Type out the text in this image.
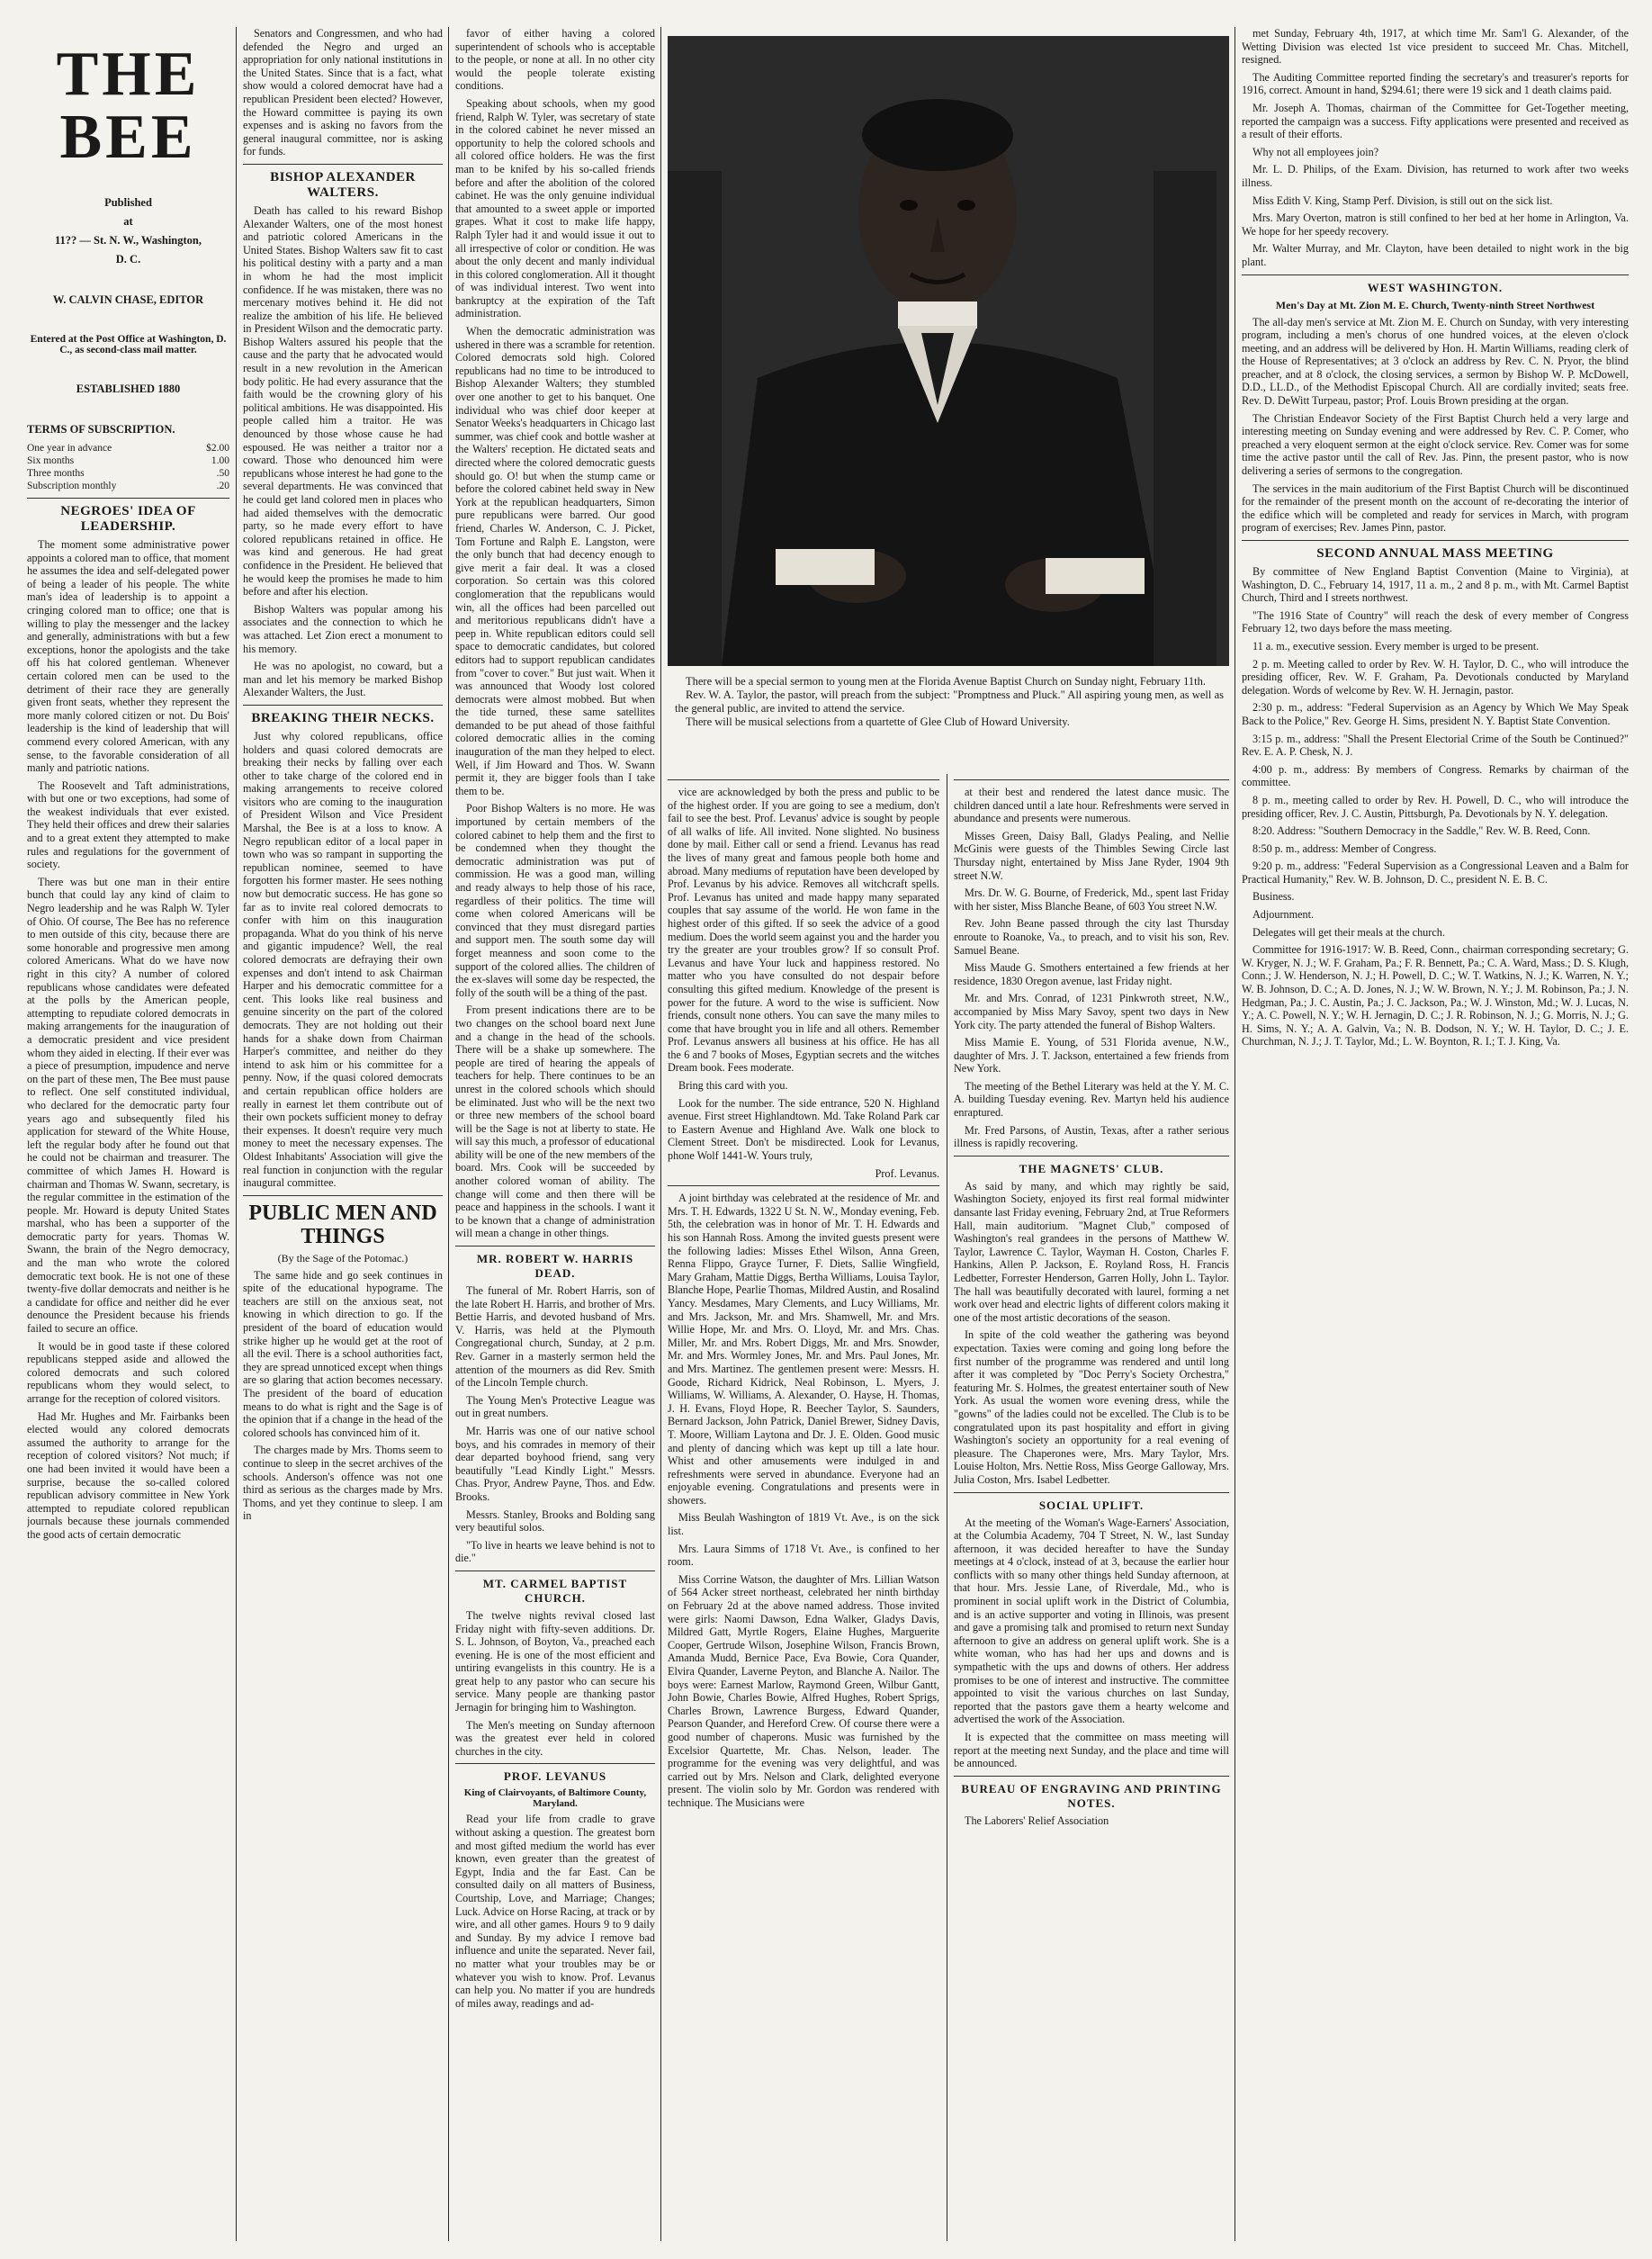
THE BEE
Published
at
11?? — St. N. W., Washington,
D. C.
W. CALVIN CHASE, EDITOR
Entered at the Post Office at Washington, D. C., as second-class mail matter.
ESTABLISHED 1880
TERMS OF SUBSCRIPTION.
One year in advance	$2.00
Six months	1.00
Three months	.50
Subscription monthly	.20
NEGROES' IDEA OF LEADERSHIP.

The moment some administrative power appoints a colored man to office, that moment he assumes the idea and self-delegated power of being a leader of his people. The white man's idea of leadership is to appoint a cringing colored man to office; one that is willing to play the messenger and the lackey and generally, administrations with but a few exceptions, honor the apologists and the take off his hat colored gentleman. Whenever certain colored men can be used to the detriment of their race they are generally given front seats, whether they represent the more manly colored citizen or not. Du Bois' leadership is the kind of leadership that will commend every colored American, with any sense, to the favorable consideration of all manly and patriotic nations.

The Roosevelt and Taft administrations, with but one or two exceptions, had some of the weakest individuals that ever existed. They held their offices and drew their salaries and to a great extent they attempted to make rules and regulations for the government of society.

There was but one man in their entire bunch that could lay any kind of claim to Negro leadership and he was Ralph W. Tyler of Ohio. Of course, The Bee has no reference to men outside of this city, because there are some honorable and progressive men among colored Americans. What do we have now right in this city? A number of colored republicans whose candidates were defeated at the polls by the American people, attempting to repudiate colored democrats in making arrangements for the inauguration of a democratic president and vice president whom they aided in electing. If their ever was a piece of presumption, impudence and nerve on the part of these men, The Bee must pause to reflect. One self constituted individual, who declared for the democratic party four years ago and subsequently filed his application for steward of the White House, left the regular body after he found out that he could not be chairman and treasurer. The committee of which James H. Howard is chairman and Thomas W. Swann, secretary, is the regular committee in the estimation of the people. Mr. Howard is deputy United States marshal, who has been a supporter of the democratic party for years. Thomas W. Swann, the brain of the Negro democracy, and the man who wrote the colored democratic text book. He is not one of these twenty-five dollar democrats and neither is he a candidate for office and neither did he ever denounce the President because his friends failed to secure an office.

It would be in good taste if these colored republicans stepped aside and allowed the colored democrats and such colored republicans whom they would select, to arrange for the reception of colored visitors.

Had Mr. Hughes and Mr. Fairbanks been elected would any colored democrats assumed the authority to arrange for the reception of colored visitors? Not much; if one had been invited it would have been a surprise, because the so-called colored republican advisory committee in New York attempted to repudiate colored republican journals because these journals commended the good acts of certain democratic

Senators and Congressmen, and who had defended the Negro and urged an appropriation for only national institutions in the United States. Since that is a fact, what show would a colored democrat have had a republican President been elected? However, the Howard committee is paying its own expenses and is asking no favors from the general inaugural committee, nor is asking for funds.

BISHOP ALEXANDER WALTERS.

Death has called to his reward Bishop Alexander Walters, one of the most honest and patriotic colored Americans in the United States. Bishop Walters saw fit to cast his political destiny with a party and a man in whom he had the most implicit confidence. If he was mistaken, there was no mercenary motives behind it. He did not realize the ambition of his life. He believed in President Wilson and the democratic party. Bishop Walters assured his people that the cause and the party that he advocated would result in a new revolution in the American body politic. He had every assurance that the faith would be the crowning glory of his political ambitions. He was disappointed. His people called him a traitor. He was denounced by those whose cause he had espoused. He was neither a traitor nor a coward. Those who denounced him were republicans whose interest he had gone to the several departments. He was convinced that he could get land colored men in places who had aided themselves with the democratic party, so he made every effort to have colored republicans retained in office. He was kind and generous. He had great confidence in the President. He believed that he would keep the promises he made to him before and after his election.

Bishop Walters was popular among his associates and the connection to which he was attached. Let Zion erect a monument to his memory.

He was no apologist, no coward, but a man and let his memory be marked Bishop Alexander Walters, the Just.

BREAKING THEIR NECKS.

Just why colored republicans, office holders and quasi colored democrats are breaking their necks by falling over each other to take charge of the colored end in making arrangements to receive colored visitors who are coming to the inauguration of President Wilson and Vice President Marshal, the Bee is at a loss to know. A Negro republican editor of a local paper in town who was so rampant in supporting the republican nominee, seemed to have forgotten his former master. He sees nothing now but democratic success. He has gone so far as to invite real colored democrats to confer with him on this inauguration propaganda. What do you think of his nerve and gigantic impudence? Well, the real colored democrats are defraying their own expenses and don't intend to ask Chairman Harper and his democratic committee for a cent. This looks like real business and genuine sincerity on the part of the colored democrats. They are not holding out their hands for a shake down from Chairman Harper's committee, and neither do they intend to ask him or his committee for a penny. Now, if the quasi colored democrats and certain republican office holders are really in earnest let them contribute out of their own pockets sufficient money to defray their expenses. It doesn't require very much money to meet the necessary expenses. The Oldest Inhabitants' Association will give the real function in conjunction with the regular inaugural committee.

PUBLIC MEN AND THINGS
(By the Sage of the Potomac.)

The same hide and go seek continues in spite of the educational hypograme. The teachers are still on the anxious seat, not knowing in which direction to go. If the president of the board of education would strike higher up he would get at the root of all the evil. There is a school authorities fact, they are spread unnoticed except when things are so glaring that action becomes necessary. The president of the board of education means to do what is right and the Sage is of the opinion that if a change in the head of the colored schools has convinced him of it.

The charges made by Mrs. Thoms seem to continue to sleep in the secret archives of the schools. Anderson's offence was not one third as serious as the charges made by Mrs. Thoms, and yet they continue to sleep. I am in

favor of either having a colored superintendent of schools who is acceptable to the people, or none at all. In no other city would the people tolerate existing conditions.

Speaking about schools, when my good friend, Ralph W. Tyler, was secretary of state in the colored cabinet he never missed an opportunity to help the colored schools and all colored office holders. He was the first man to be knifed by his so-called friends before and after the abolition of the colored cabinet. He was the only genuine individual that amounted to a sweet apple or imported grapes. What it cost to make life happy, Ralph Tyler had it and would issue it out to all irrespective of color or condition. He was about the only decent and manly individual in this colored conglomeration. All it thought of was individual interest. Two went into bankruptcy at the expiration of the Taft administration.

When the democratic administration was ushered in there was a scramble for retention. Colored democrats sold high. Colored republicans had no time to be introduced to Bishop Alexander Walters; they stumbled over one another to get to his banquet. One individual who was chief door keeper at Senator Weeks's headquarters in Chicago last summer, was chief cook and bottle washer at the Walters' reception. He dictated seats and directed where the colored democratic guests should go. O! but when the stump came or before the colored cabinet held sway in New York at the republican headquarters, Simon pure republicans were barred. Our good friend, Charles W. Anderson, C. J. Picket, Tom Fortune and Ralph E. Langston, were the only bunch that had decency enough to give merit a fair deal. It was a closed corporation. So certain was this colored conglomeration that the republicans would win, all the offices had been parcelled out and meritorious republicans didn't have a peep in. White republican editors could sell space to democratic candidates, but colored editors had to support republican candidates from "cover to cover." But just wait. When it was announced that Woody lost colored democrats were almost mobbed. But when the tide turned, these same satellites demanded to be put ahead of those faithful colored democratic allies in the coming inauguration of the man they helped to elect. Well, if Jim Howard and Thos. W. Swann permit it, they are bigger fools than I take them to be.

Poor Bishop Walters is no more. He was importuned by certain members of the colored cabinet to help them and the first to be condemned when they thought the democratic administration was put of commission. He was a good man, willing and ready always to help those of his race, regardless of their politics. The time will come when colored Americans will be convinced that they must disregard parties and support men. The south some day will forget meanness and soon come to the support of the colored allies. The children of the ex-slaves will some day be respected, the folly of the south will be a thing of the past.

From present indications there are to be two changes on the school board next June and a change in the head of the schools. There will be a shake up somewhere. The people are tired of hearing the appeals of teachers for help. There continues to be an unrest in the colored schools which should be eliminated. Just who will be the next two or three new members of the school board will be the Sage is not at liberty to state. He will say this much, a professor of educational ability will be one of the new members of the board. Mrs. Cook will be succeeded by another colored woman of ability. The change will come and then there will be peace and happiness in the schools. I want it to be known that a change of administration will mean a change in other things.

MR. ROBERT W. HARRIS DEAD.

The funeral of Mr. Robert Harris, son of the late Robert H. Harris, and brother of Mrs. Bettie Harris, and devoted husband of Mrs. V. Harris, was held at the Plymouth Congregational church, Sunday, at 2 p.m. Rev. Garner in a masterly sermon held the attention of the mourners as did Rev. Smith of the Lincoln Temple church.

The Young Men's Protective League was out in great numbers.

Mr. Harris was one of our native school boys, and his comrades in memory of their dear departed boyhood friend, sang very beautifully "Lead Kindly Light." Messrs. Chas. Pryor, Andrew Payne, Thos. and Edw. Brooks.

Messrs. Stanley, Brooks and Bolding sang very beautiful solos.

"To live in hearts we leave behind is not to die."

MT. CARMEL BAPTIST CHURCH.

The twelve nights revival closed last Friday night with fifty-seven additions. Dr. S. L. Johnson, of Boyton, Va., preached each evening. He is one of the most efficient and untiring evangelists in this country. He is a great help to any pastor who can secure his service. Many people are thanking pastor Jernagin for bringing him to Washington.

The Men's meeting on Sunday afternoon was the greatest ever held in colored churches in the city.

PROF. LEVANUS
King of Clairvoyants, of Baltimore County, Maryland.

Read your life from cradle to grave without asking a question. The greatest born and most gifted medium the world has ever known, even greater than the greatest of Egypt, India and the far East. Can be consulted daily on all matters of Business, Courtship, Love, and Marriage; Changes; Luck. Advice on Horse Racing, at track or by wire, and all other games. Hours 9 to 9 daily and Sunday. By my advice I remove bad influence and unite the separated. Never fail, no matter what your troubles may be or whatever you wish to know. Prof. Levanus can help you. No matter if you are hundreds of miles away, readings and ad-

There will be a special sermon to young men at the Florida Avenue Baptist Church on Sunday night, February 11th.

Rev. W. A. Taylor, the pastor, will preach from the subject: "Promptness and Pluck." All aspiring young men, as well as the general public, are invited to attend the service.

There will be musical selections from a quartette of Glee Club of Howard University.

vice are acknowledged by both the press and public to be of the highest order. If you are going to see a medium, don't fail to see the best. Prof. Levanus' advice is sought by people of all walks of life. All invited. None slighted. No business done by mail. Either call or send a friend. Levanus has read the lives of many great and famous people both home and abroad. Many mediums of reputation have been developed by Prof. Levanus by his advice. Removes all witchcraft spells. Prof. Levanus has united and made happy many separated couples that say assume of the world. He won fame in the highest order of this gifted. If so seek the advice of a good medium. Does the world seem against you and the harder you try the greater are your troubles grow? If so consult Prof. Levanus and have Your luck and happiness restored. No matter who you have consulted do not despair before consulting this gifted medium. Knowledge of the present is power for the future. A word to the wise is sufficient. Now friends, consult none others. You can save the many miles to come that have brought you in life and all others. Remember Prof. Levanus answers all business at his office. He has all the 6 and 7 books of Moses, Egyptian secrets and the witches Dream book. Fees moderate.

Bring this card with you.

Look for the number. The side entrance, 520 N. Highland avenue. First street Highlandtown. Md. Take Roland Park car to Eastern Avenue and Highland Ave. Walk one block to Clement Street. Don't be misdirected. Look for Levanus, phone Wolf 1441-W. Yours truly,

Prof. Levanus.

A joint birthday was celebrated at the residence of Mr. and Mrs. T. H. Edwards, 1322 U St. N. W., Monday evening, Feb. 5th, the celebration was in honor of Mr. T. H. Edwards and his son Hannah Ross. Among the invited guests present were the following ladies: Misses Ethel Wilson, Anna Green, Renna Flippo, Grayce Turner, F. Diets, Sallie Wingfield, Mary Graham, Mattie Diggs, Bertha Williams, Louisa Taylor, Blanche Hope, Pearlie Thomas, Mildred Austin, and Rosalind Yancy. Mesdames, Mary Clements, and Lucy Williams, Mr. and Mrs. Jackson, Mr. and Mrs. Shamwell, Mr. and Mrs. Willie Hope, Mr. and Mrs. O. Lloyd, Mr. and Mrs. Chas. Miller, Mr. and Mrs. Robert Diggs, Mr. and Mrs. Snowder, Mr. and Mrs. Wormley Jones, Mr. and Mrs. Paul Jones, Mr. and Mrs. Martinez. The gentlemen present were: Messrs. H. Goode, Richard Kidrick, Neal Robinson, L. Myers, J. Williams, W. Williams, A. Alexander, O. Hayse, H. Thomas, J. H. Evans, Floyd Hope, R. Beecher Taylor, S. Saunders, Bernard Jackson, John Patrick, Daniel Brewer, Sidney Davis, T. Moore, William Laytona and Dr. J. E. Olden. Good music and plenty of dancing which was kept up till a late hour. Whist and other amusements were indulged in and refreshments were served in abundance. Everyone had an enjoyable evening. Congratulations and presents were in showers.

Miss Beulah Washington of 1819 Vt. Ave., is on the sick list.

Mrs. Laura Simms of 1718 Vt. Ave., is confined to her room.

Miss Corrine Watson, the daughter of Mrs. Lillian Watson of 564 Acker street northeast, celebrated her ninth birthday on February 2d at the above named address. Those invited were girls: Naomi Dawson, Edna Walker, Gladys Davis, Mildred Gatt, Myrtle Rogers, Elaine Hughes, Marguerite Cooper, Gertrude Wilson, Josephine Wilson, Francis Brown, Amanda Mudd, Bernice Pace, Eva Bowie, Cora Quander, Elvira Quander, Laverne Peyton, and Blanche A. Nailor. The boys were: Earnest Marlow, Raymond Green, Wilbur Gantt, John Bowie, Charles Bowie, Alfred Hughes, Robert Sprigs, Charles Brown, Lawrence Burgess, Edward Quander, Pearson Quander, and Hereford Crew. Of course there were a good number of chaperons. Music was furnished by the Excelsior Quartette, Mr. Chas. Nelson, leader. The programme for the evening was very delightful, and was carried out by Mrs. Nelson and Clark, delighted everyone present. The violin solo by Mr. Gordon was rendered with technique. The Musicians were

at their best and rendered the latest dance music. The children danced until a late hour. Refreshments were served in abundance and presents were numerous.

Misses Green, Daisy Ball, Gladys Pealing, and Nellie McGinis were guests of the Thimbles Sewing Circle last Thursday night, entertained by Miss Jane Ryder, 1904 9th street N.W.

Mrs. Dr. W. G. Bourne, of Frederick, Md., spent last Friday with her sister, Miss Blanche Beane, of 603 You street N.W.

Rev. John Beane passed through the city last Thursday enroute to Roanoke, Va., to preach, and to visit his son, Rev. Samuel Beane.

Miss Maude G. Smothers entertained a few friends at her residence, 1830 Oregon avenue, last Friday night.

Mr. and Mrs. Conrad, of 1231 Pinkwroth street, N.W., accompanied by Miss Mary Savoy, spent two days in New York city. The party attended the funeral of Bishop Walters.

Miss Mamie E. Young, of 531 Florida avenue, N.W., daughter of Mrs. J. T. Jackson, entertained a few friends from New York.

The meeting of the Bethel Literary was held at the Y. M. C. A. building Tuesday evening. Rev. Martyn held his audience enraptured.

Mr. Fred Parsons, of Austin, Texas, after a rather serious illness is rapidly recovering.

THE MAGNETS' CLUB.

As said by many, and which may rightly be said, Washington Society, enjoyed its first real formal midwinter dansante last Friday evening, February 2nd, at True Reformers Hall, main auditorium. "Magnet Club," composed of Washington's real grandees in the persons of Matthew W. Taylor, Lawrence C. Taylor, Wayman H. Coston, Charles F. Hankins, Allen P. Jackson, E. Royland Ross, H. Francis Ledbetter, Forrester Henderson, Garren Holly, John L. Taylor. The hall was beautifully decorated with laurel, forming a net work over head and electric lights of different colors making it one of the most artistic decorations of the season.

In spite of the cold weather the gathering was beyond expectation. Taxies were coming and going long before the first number of the programme was rendered and until long after it was completed by "Doc Perry's Society Orchestra," featuring Mr. S. Holmes, the greatest entertainer south of New York. As usual the women wore evening dress, while the "gowns" of the ladies could not be excelled. The Club is to be congratulated upon its past hospitality and effort in giving Washington's society an opportunity for a real evening of pleasure. The Chaperones were, Mrs. Mary Taylor, Mrs. Louise Holton, Mrs. Nettie Ross, Miss George Galloway, Mrs. Julia Coston, Mrs. Isabel Ledbetter.

SOCIAL UPLIFT.

At the meeting of the Woman's Wage-Earners' Association, at the Columbia Academy, 704 T Street, N. W., last Sunday afternoon, it was decided hereafter to have the Sunday meetings at 4 o'clock, instead of at 3, because the earlier hour conflicts with so many other things held Sunday afternoon, at that hour. Mrs. Jessie Lane, of Riverdale, Md., who is prominent in social uplift work in the District of Columbia, and is an active supporter and voting in Illinois, was present and gave a promising talk and promised to return next Sunday afternoon to give an address on general uplift work. She is a white woman, who has had her ups and downs and is sympathetic with the ups and downs of others. Her address promises to be one of interest and instructive. The committee appointed to visit the various churches on last Sunday, reported that the pastors gave them a hearty welcome and advertised the work of the Association.

It is expected that the committee on mass meeting will report at the meeting next Sunday, and the place and time will be announced.

BUREAU OF ENGRAVING AND PRINTING NOTES.

The Laborers' Relief Association

met Sunday, February 4th, 1917, at which time Mr. Sam'l G. Alexander, of the Wetting Division was elected 1st vice president to succeed Mr. Chas. Mitchell, resigned.

The Auditing Committee reported finding the secretary's and treasurer's reports for 1916, correct. Amount in hand, $294.61; there were 19 sick and 1 death claims paid.

Mr. Joseph A. Thomas, chairman of the Committee for Get-Together meeting, reported the campaign was a success. Fifty applications were presented and received as a result of their efforts.

Why not all employees join?

Mr. L. D. Philips, of the Exam. Division, has returned to work after two weeks illness.

Miss Edith V. King, Stamp Perf. Division, is still out on the sick list.

Mrs. Mary Overton, matron is still confined to her bed at her home in Arlington, Va. We hope for her speedy recovery.

Mr. Walter Murray, and Mr. Clayton, have been detailed to night work in the big plant.

WEST WASHINGTON.
Men's Day at Mt. Zion M. E. Church, Twenty-ninth Street Northwest

The all-day men's service at Mt. Zion M. E. Church on Sunday, with very interesting program, including a men's chorus of one hundred voices, at the eleven o'clock meeting, and an address will be delivered by Hon. H. Martin Williams, reading clerk of the House of Representatives; at 3 o'clock an address by Rev. C. N. Pryor, the blind preacher, and at 8 o'clock, the closing services, a sermon by Bishop W. P. McDowell, D.D., LL.D., of the Methodist Episcopal Church. All are cordially invited; seats free. Rev. D. DeWitt Turpeau, pastor; Prof. Louis Brown presiding at the organ.

The Christian Endeavor Society of the First Baptist Church held a very large and interesting meeting on Sunday evening and were addressed by Rev. C. P. Comer, who preached a very eloquent sermon at the eight o'clock service. Rev. Comer was for some time the active pastor until the call of Rev. Jas. Pinn, the present pastor, who is now delivering a series of sermons to the congregation.

The services in the main auditorium of the First Baptist Church will be discontinued for the remainder of the present month on the account of re-decorating the interior of the edifice which will be completed and ready for services in March, with program program of exercises; Rev. James Pinn, pastor.

SECOND ANNUAL MASS MEETING

By committee of New England Baptist Convention (Maine to Virginia), at Washington, D. C., February 14, 1917, 11 a. m., 2 and 8 p. m., with Mt. Carmel Baptist Church, Third and I streets northwest.

"The 1916 State of Country" will reach the desk of every member of Congress February 12, two days before the mass meeting.

11 a. m., executive session. Every member is urged to be present.

2 p. m. Meeting called to order by Rev. W. H. Taylor, D. C., who will introduce the presiding officer, Rev. W. F. Graham, Pa. Devotionals conducted by Maryland delegation. Words of welcome by Rev. W. H. Jernagin, pastor.

2:30 p. m., address: "Federal Supervision as an Agency by Which We May Speak Back to the Police," Rev. George H. Sims, president N. Y. Baptist State Convention.

3:15 p. m., address: "Shall the Present Electorial Crime of the South be Continued?" Rev. E. A. P. Chesk, N. J.

4:00 p. m., address: By members of Congress. Remarks by chairman of the committee.

8 p. m., meeting called to order by Rev. H. Powell, D. C., who will introduce the presiding officer, Rev. J. C. Austin, Pittsburgh, Pa. Devotionals by N. Y. delegation.

8:20. Address: "Southern Democracy in the Saddle," Rev. W. B. Reed, Conn.

8:50 p. m., address: Member of Congress.

9:20 p. m., address: "Federal Supervision as a Congressional Leaven and a Balm for Practical Humanity," Rev. W. B. Johnson, D. C., president N. E. B. C.

Business.

Adjournment.

Delegates will get their meals at the church.

Committee for 1916-1917: W. B. Reed, Conn., chairman corresponding secretary; G. W. Kryger, N. J.; W. F. Graham, Pa.; F. R. Bennett, Pa.; C. A. Ward, Mass.; D. S. Klugh, Conn.; J. W. Henderson, N. J.; H. Powell, D. C.; W. T. Watkins, N. J.; K. Warren, N. Y.; W. B. Johnson, D. C.; A. D. Jones, N. J.; W. W. Brown, N. Y.; J. M. Robinson, Pa.; J. N. Hedgman, Pa.; J. C. Austin, Pa.; J. C. Jackson, Pa.; W. J. Winston, Md.; W. J. Lucas, N. Y.; A. C. Powell, N. Y.; W. H. Jernagin, D. C.; J. R. Robinson, N. J.; G. Morris, N. J.; G. H. Sims, N. Y.; A. A. Galvin, Va.; N. B. Dodson, N. Y.; W. H. Taylor, D. C.; J. E. Churchman, N. J.; J. T. Taylor, Md.; L. W. Boynton, R. I.; T. J. King, Va.
